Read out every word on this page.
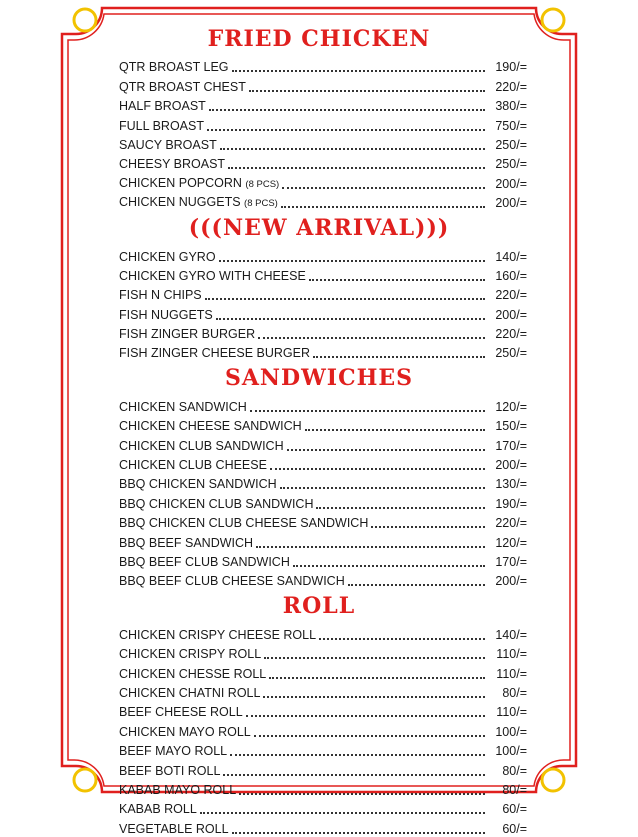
FRIED CHICKEN
QTR BROAST LEG	190/=
QTR BROAST CHEST	220/=
HALF BROAST	380/=
FULL BROAST	750/=
SAUCY BROAST	250/=
CHEESY BROAST	250/=
CHICKEN POPCORN (8 PCS)	200/=
CHICKEN NUGGETS (8 PCS)	200/=
(((NEW ARRIVAL)))
CHICKEN GYRO	140/=
CHICKEN GYRO WITH CHEESE	160/=
FISH N CHIPS	220/=
FISH NUGGETS	200/=
FISH ZINGER BURGER	220/=
FISH ZINGER CHEESE BURGER	250/=
SANDWICHES
CHICKEN SANDWICH	120/=
CHICKEN CHEESE SANDWICH	150/=
CHICKEN CLUB SANDWICH	170/=
CHICKEN CLUB CHEESE	200/=
BBQ CHICKEN SANDWICH	130/=
BBQ CHICKEN CLUB SANDWICH	190/=
BBQ CHICKEN CLUB CHEESE SANDWICH	220/=
BBQ BEEF SANDWICH	120/=
BBQ BEEF CLUB SANDWICH	170/=
BBQ BEEF CLUB CHEESE SANDWICH	200/=
ROLL
CHICKEN CRISPY CHEESE ROLL	140/=
CHICKEN CRISPY ROLL	110/=
CHICKEN CHESSE ROLL	110/=
CHICKEN CHATNI ROLL	80/=
BEEF CHEESE ROLL	110/=
CHICKEN MAYO ROLL	100/=
BEEF MAYO ROLL	100/=
BEEF BOTI ROLL	80/=
KABAB MAYO ROLL	80/=
KABAB ROLL	60/=
VEGETABLE ROLL	60/=
